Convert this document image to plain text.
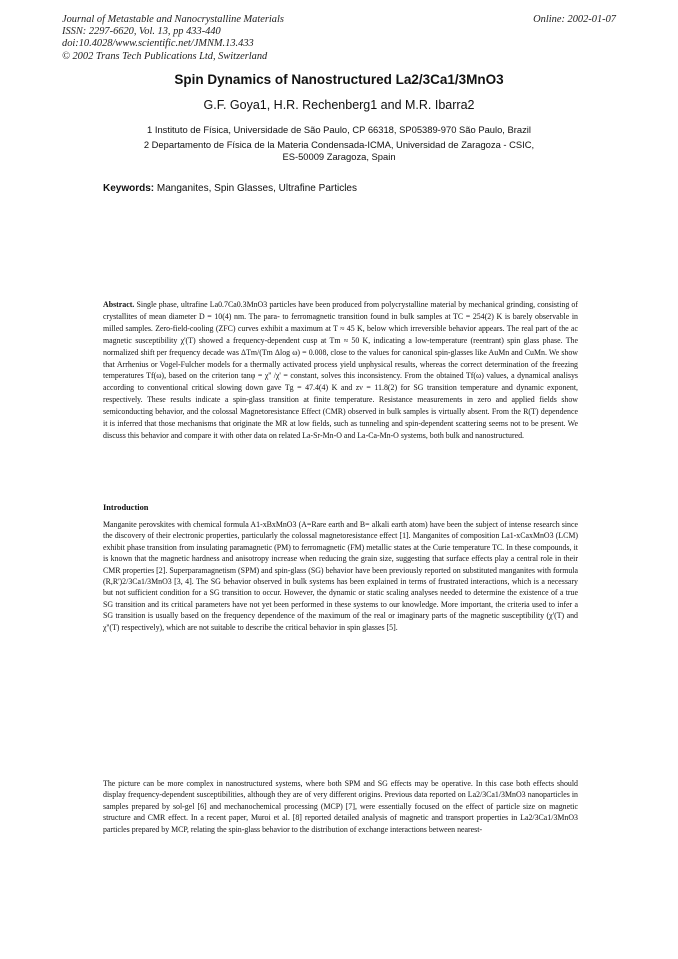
Journal of Metastable and Nanocrystalline Materials
ISSN: 2297-6620, Vol. 13, pp 433-440
doi:10.4028/www.scientific.net/JMNM.13.433
© 2002 Trans Tech Publications Ltd, Switzerland
Online: 2002-01-07
Spin Dynamics of Nanostructured La2/3Ca1/3MnO3
G.F. Goya1, H.R. Rechenberg1 and M.R. Ibarra2
1 Instituto de Física, Universidade de São Paulo, CP 66318, SP05389-970 São Paulo, Brazil
2 Departamento de Física de la Materia Condensada-ICMA, Universidad de Zaragoza - CSIC,
ES-50009 Zaragoza, Spain
Keywords: Manganites, Spin Glasses, Ultrafine Particles
Abstract. Single phase, ultrafine La0.7Ca0.3MnO3 particles have been produced from polycrystalline material by mechanical grinding, consisting of crystallites of mean diameter D = 10(4) nm. The para- to ferromagnetic transition found in bulk samples at TC = 254(2) K is barely observable in milled samples. Zero-field-cooling (ZFC) curves exhibit a maximum at T ≈ 45 K, below which irreversible behavior appears. The real part of the ac magnetic susceptibility χ'(T) showed a frequency-dependent cusp at Tm ≈ 50 K, indicating a low-temperature (reentrant) spin glass phase. The normalized shift per frequency decade was ΔTm/(Tm Δlog ω) = 0.008, close to the values for canonical spin-glasses like AuMn and CuMn. We show that Arrhenius or Vogel-Fulcher models for a thermally activated process yield unphysical results, whereas the correct determination of the freezing temperatures Tf(ω), based on the criterion tanφ = χ'' /χ' = constant, solves this inconsistency. From the obtained Tf(ω) values, a dynamical analisys according to conventional critical slowing down gave Tg = 47.4(4) K and zν = 11.8(2) for SG transition temperature and dynamic exponent, respectively. These results indicate a spin-glass transition at finite temperature. Resistance measurements in zero and applied fields show semiconducting behavior, and the colossal Magnetoresistance Effect (CMR) observed in bulk samples is virtually absent. From the R(T) dependence it is inferred that those mechanisms that originate the MR at low fields, such as tunneling and spin-dependent scattering seems not to be present. We discuss this behavior and compare it with other data on related La-Sr-Mn-O and La-Ca-Mn-O systems, both bulk and nanostructured.
Introduction
Manganite perovskites with chemical formula A1-xBxMnO3 (A=Rare earth and B= alkali earth atom) have been the subject of intense research since the discovery of their electronic properties, particularly the colossal magnetoresistance effect [1]. Manganites of composition La1-xCaxMnO3 (LCM) exhibit phase transition from insulating paramagnetic (PM) to ferromagnetic (FM) metallic states at the Curie temperature TC. In these compounds, it is known that the magnetic hardness and anisotropy increase when reducing the grain size, suggesting that surface effects play a central role in their CMR properties [2]. Superparamagnetism (SPM) and spin-glass (SG) behavior have been previously reported on substituted manganites with formula (R,R')2/3Ca1/3MnO3 [3, 4]. The SG behavior observed in bulk systems has been explained in terms of frustrated interactions, which is a necessary but not sufficient condition for a SG transition to occur. However, the dynamic or static scaling analyses needed to determine the existence of a true SG transition and its critical parameters have not yet been performed in these systems to our knowledge. More important, the criteria used to infer a SG transition is usually based on the frequency dependence of the maximum of the real or imaginary parts of the magnetic susceptibility (χ'(T) and χ''(T) respectively), which are not suitable to describe the critical behavior in spin glasses [5].
The picture can be more complex in nanostructured systems, where both SPM and SG effects may be operative. In this case both effects should display frequency-dependent susceptibilities, although they are of very different origins. Previous data reported on La2/3Ca1/3MnO3 nanoparticles in samples prepared by sol-gel [6] and mechanochemical processing (MCP) [7], were essentially focused on the effect of particle size on magnetic structure and CMR effect. In a recent paper, Muroi et al. [8] reported detailed analysis of magnetic and transport properties in La2/3Ca1/3MnO3 particles prepared by MCP, relating the spin-glass behavior to the distribution of exchange interactions between nearest-
